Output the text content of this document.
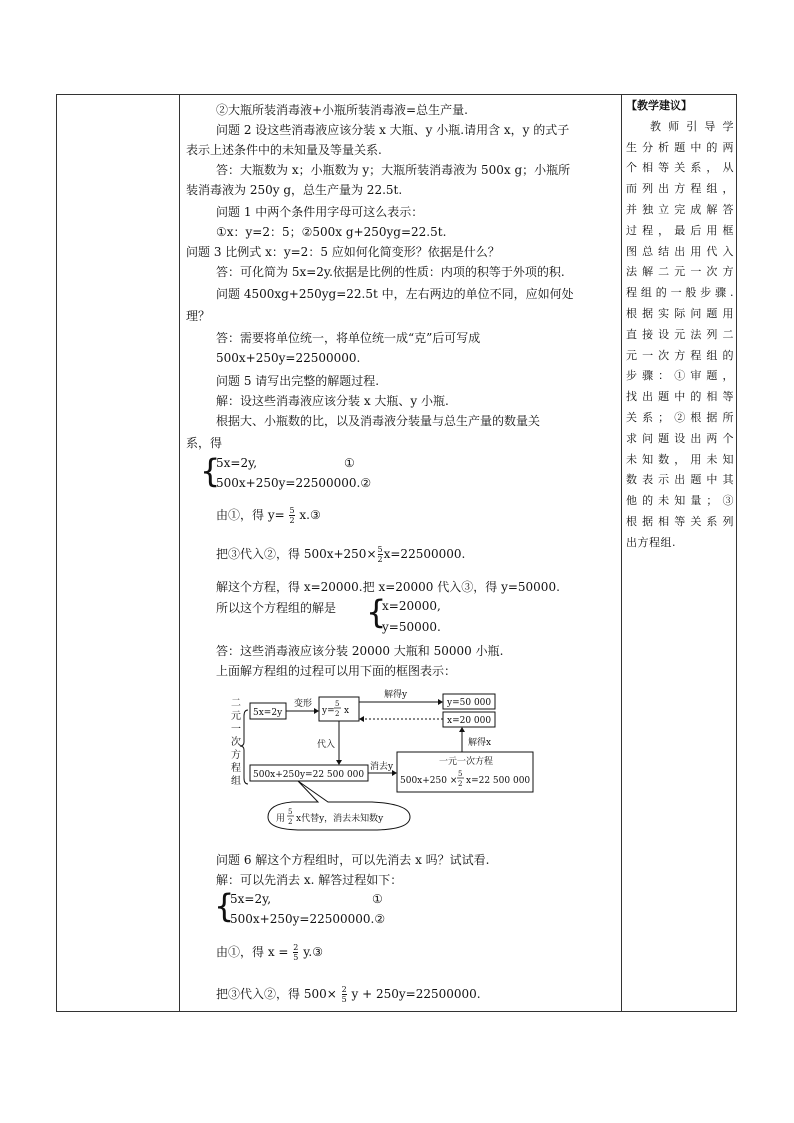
②大瓶所装消毒液+小瓶所装消毒液=总生产量.
问题 2 设这些消毒液应该分装 x 大瓶、y 小瓶.请用含 x，y 的式子
表示上述条件中的未知量及等量关系.
答：大瓶数为 x；小瓶数为 y；大瓶所装消毒液为 500x g；小瓶所
装消毒液为 250y g，总生产量为 22.5t.
问题 1 中两个条件用字母可这么表示：
①x：y=2：5；②500x g+250yg=22.5t.
问题 3 比例式 x：y=2：5 应如何化简变形？依据是什么？
答：可化简为 5x=2y.依据是比例的性质：内项的积等于外项的积.
问题 4500xg+250yg=22.5t 中，左右两边的单位不同，应如何处
理？
答：需要将单位统一，将单位统一成“克”后可写成
500x+250y=22500000.
问题 5 请写出完整的解题过程.
解：设这些消毒液应该分装 x 大瓶、y 小瓶.
根据大、小瓶数的比，以及消毒液分装量与总生产量的数量关
系，得
{
5x=2y,	①
500x+250y=22500000.②
由①，得 $y= \frac{5}{2}$ x.③
把③代入②，得 $500x+250\times \frac{5}{2} x=22500000$.
解这个方程，得 x=20000.把 x=20000 代入③，得 y=50000.
所以这个方程组的解是 {
x=20000,
y=50000.
答：这些消毒液应该分装 20000 大瓶和 50000 小瓶.
上面解方程组的过程可以用下面的框图表示：
二元一次方程组
5x=2y
变形
y=
5
2 x
解得y
y=50 000
x=20 000
代入
500x+250y=22 500 000
消去y	一元一次方程
500x+250 ×
5
2 x=22 500 000
解得x
用
5
2 x代替y，消去未知数y
问题 6 解这个方程组时，可以先消去 x 吗？试试看.
解：可以先消去 x. 解答过程如下：
{
5x=2y,	①
500x+250y=22500000.②
由①，得 $x = \frac{2}{5}$ y.③
把③代入②，得 $500\times \frac{2}{5}$ y + 250y=22500000.
【教学建议】
教师引导学
生分析题中的两
个相等关系，从
而列出方程组，
并独立完成解答
过程，最后用框
图总结出用代入
法解二元一次方
程组的一般步骤.
根据实际问题用
直接设元法列二
元一次方程组的
步骤：①审题，
找出题中的相等
关系；②根据所
求问题设出两个
未知数，用未知
数表示出题中其
他的未知量；③
根据相等关系列
出方程组.
